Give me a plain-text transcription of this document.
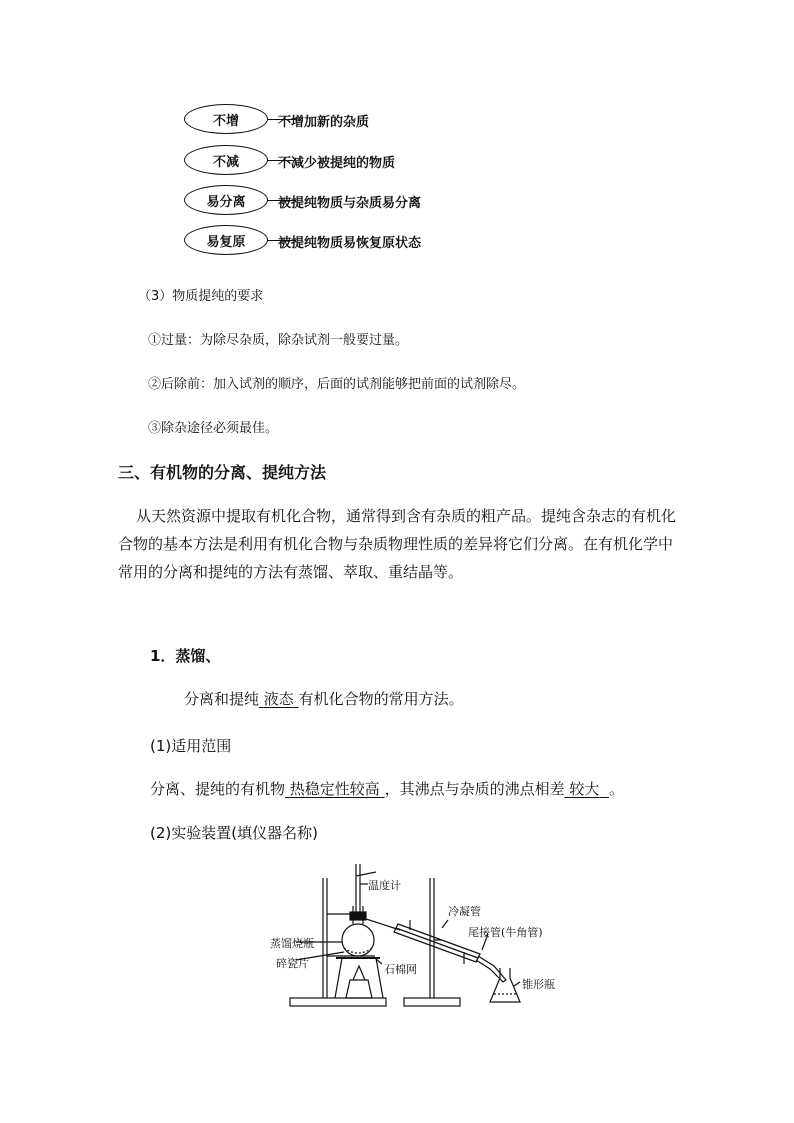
不增	不增加新的杂质
不减	不减少被提纯的物质
易分离	被提纯物质与杂质易分离
易复原	被提纯物质易恢复原状态
（3）物质提纯的要求
①过量：为除尽杂质，除杂试剂一般要过量。
②后除前：加入试剂的顺序，后面的试剂能够把前面的试剂除尽。
③除杂途径必须最佳。
三、有机物的分离、提纯方法
从天然资源中提取有机化合物，通常得到含有杂质的粗产品。提纯含杂志的有机化合物的基本方法是利用有机化合物与杂质物理性质的差异将它们分离。在有机化学中常用的分离和提纯的方法有蒸馏、萃取、重结晶等。
1．蒸馏、
分离和提纯 液态 有机化合物的常用方法。
(1)适用范围
分离、提纯的有机物 热稳定性较高 ，其沸点与杂质的沸点相差 较大 。
(2)实验装置(填仪器名称)
温度计
冷凝管
尾接管(牛角管)
蒸馏烧瓶
碎瓷片	石棉网
锥形瓶
